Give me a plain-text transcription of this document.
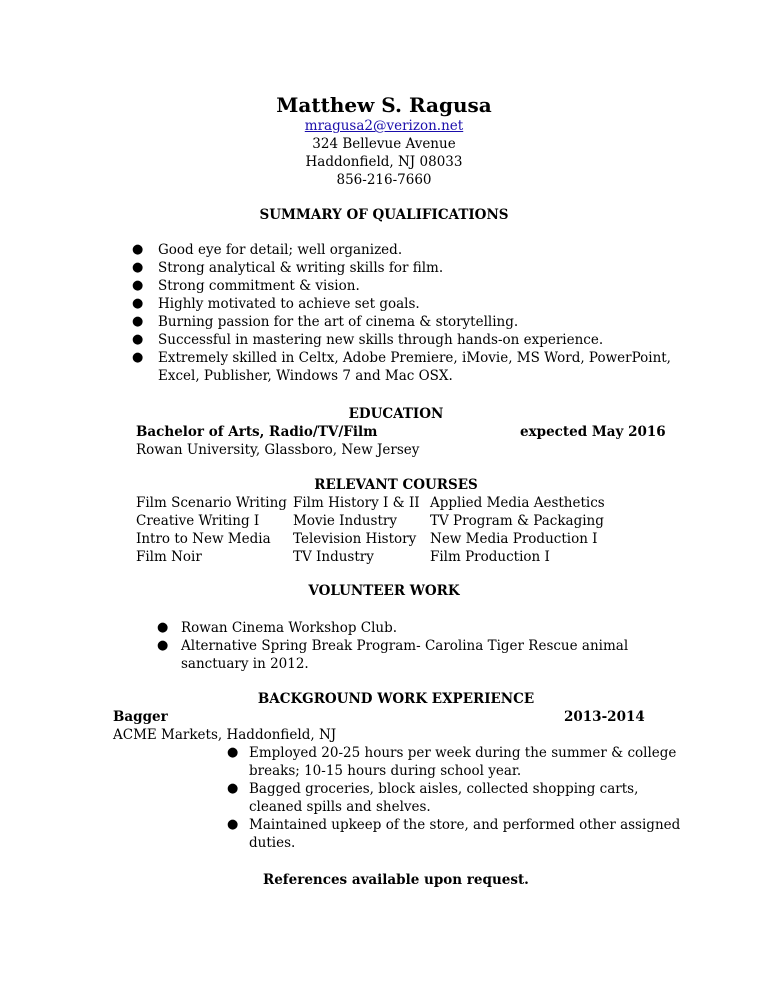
Matthew S. Ragusa
mragusa2@verizon.net
324 Bellevue Avenue
Haddonfield, NJ 08033
856-216-7660
SUMMARY OF QUALIFICATIONS
● Good eye for detail; well organized.
● Strong analytical & writing skills for film.
● Strong commitment & vision.
● Highly motivated to achieve set goals.
● Burning passion for the art of cinema & storytelling.
● Successful in mastering new skills through hands-on experience.
● Extremely skilled in Celtx, Adobe Premiere, iMovie, MS Word, PowerPoint,
Excel, Publisher, Windows 7 and Mac OSX.
EDUCATION
Bachelor of Arts, Radio/TV/Film	expected May 2016
Rowan University, Glassboro, New Jersey
RELEVANT COURSES
Film Scenario Writing
Creative Writing I
Intro to New Media
Film Noir
Film History I & II
Movie Industry
Television History
TV Industry
Applied Media Aesthetics
TV Program & Packaging
New Media Production I
Film Production I
VOLUNTEER WORK
● Rowan Cinema Workshop Club.
● Alternative Spring Break Program- Carolina Tiger Rescue animal
sanctuary in 2012.
BACKGROUND WORK EXPERIENCE
Bagger	2013-2014
ACME Markets, Haddonfield, NJ
● Employed 20-25 hours per week during the summer & college
breaks; 10-15 hours during school year.
● Bagged groceries, block aisles, collected shopping carts,
cleaned spills and shelves.
● Maintained upkeep of the store, and performed other assigned
duties.
References available upon request.
